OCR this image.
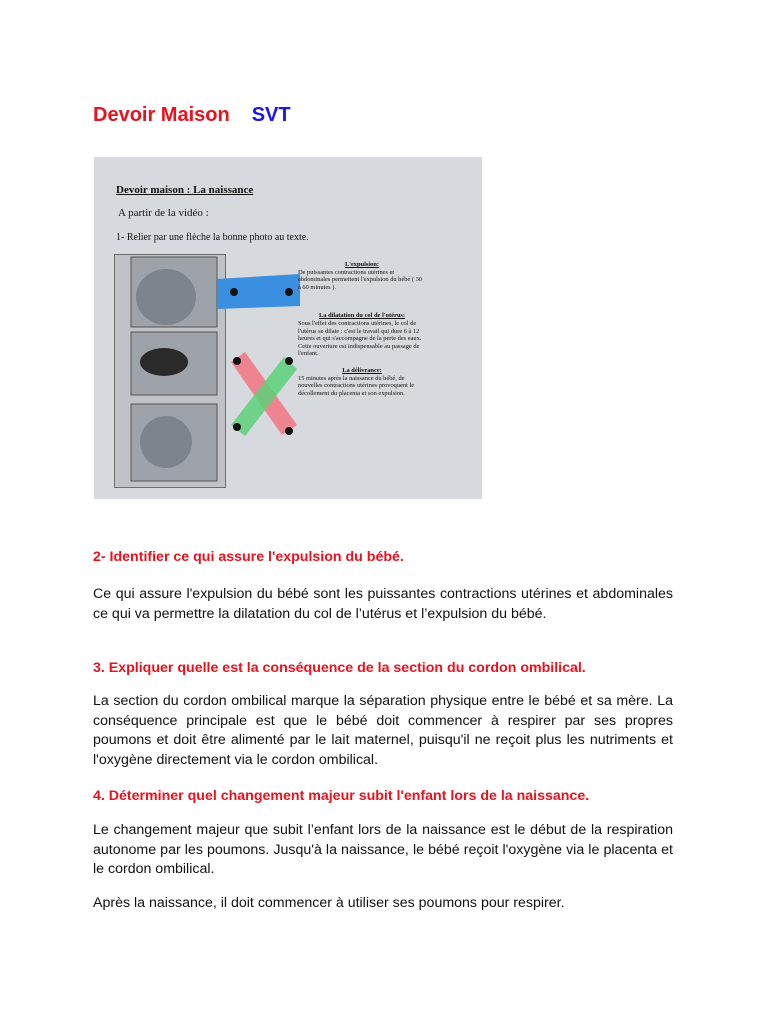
Devoir Maison SVT
Devoir maison : La naissance
A partir de la vidéo :
1- Relier par une flèche la bonne photo au texte.
L'expulsion:
De puissantes contractions utérines et abdominales permettent l'expulsion du bébé ( 30 à 60 minutes ).
La dilatation du col de l'utérus:
Sous l'effet des contractions utérines, le col de l'utérus se dilate : c'est le travail qui dure 6 à 12 heures et qui s'accompagne de la perte des eaux. Cette ouverture est indispensable au passage de l'enfant.
La délivrance:
15 minutes après la naissance du bébé, de nouvelles contractions utérines provoquent le décollement du placenta et son expulsion.
2- Identifier ce qui assure l'expulsion du bébé.
Ce qui assure l'expulsion du bébé sont les puissantes contractions utérines et abdominales ce qui va permettre la dilatation du col de l’utérus et l’expulsion du bébé.
3. Expliquer quelle est la conséquence de la section du cordon ombilical.
La section du cordon ombilical marque la séparation physique entre le bébé et sa mère. La conséquence principale est que le bébé doit commencer à respirer par ses propres poumons et doit être alimenté par le lait maternel, puisqu'il ne reçoit plus les nutriments et l'oxygène directement via le cordon ombilical.
4. Déterminer quel changement majeur subit l'enfant lors de la naissance.
Le changement majeur que subit l’enfant lors de la naissance est le début de la respiration autonome par les poumons. Jusqu'à la naissance, le bébé reçoit l'oxygène via le placenta et le cordon ombilical.
Après la naissance, il doit commencer à utiliser ses poumons pour respirer.
